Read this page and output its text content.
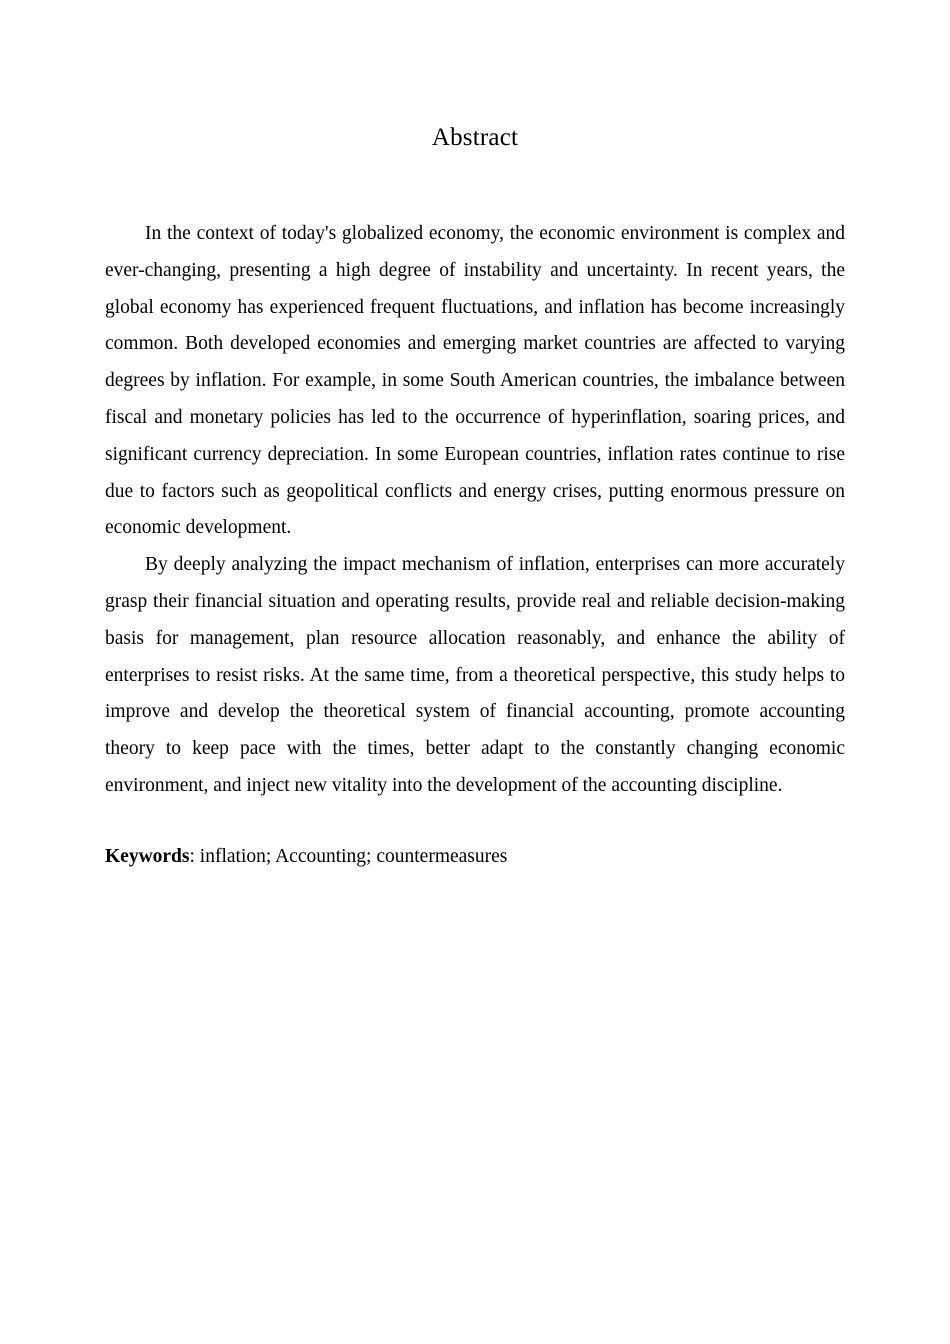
Abstract

In the context of today's globalized economy, the economic environment is complex and ever-changing, presenting a high degree of instability and uncertainty. In recent years, the global economy has experienced frequent fluctuations, and inflation has become increasingly common. Both developed economies and emerging market countries are affected to varying degrees by inflation. For example, in some South American countries, the imbalance between fiscal and monetary policies has led to the occurrence of hyperinflation, soaring prices, and significant currency depreciation. In some European countries, inflation rates continue to rise due to factors such as geopolitical conflicts and energy crises, putting enormous pressure on economic development.

By deeply analyzing the impact mechanism of inflation, enterprises can more accurately grasp their financial situation and operating results, provide real and reliable decision-making basis for management, plan resource allocation reasonably, and enhance the ability of enterprises to resist risks. At the same time, from a theoretical perspective, this study helps to improve and develop the theoretical system of financial accounting, promote accounting theory to keep pace with the times, better adapt to the constantly changing economic environment, and inject new vitality into the development of the accounting discipline.

Keywords: inflation; Accounting; countermeasures
